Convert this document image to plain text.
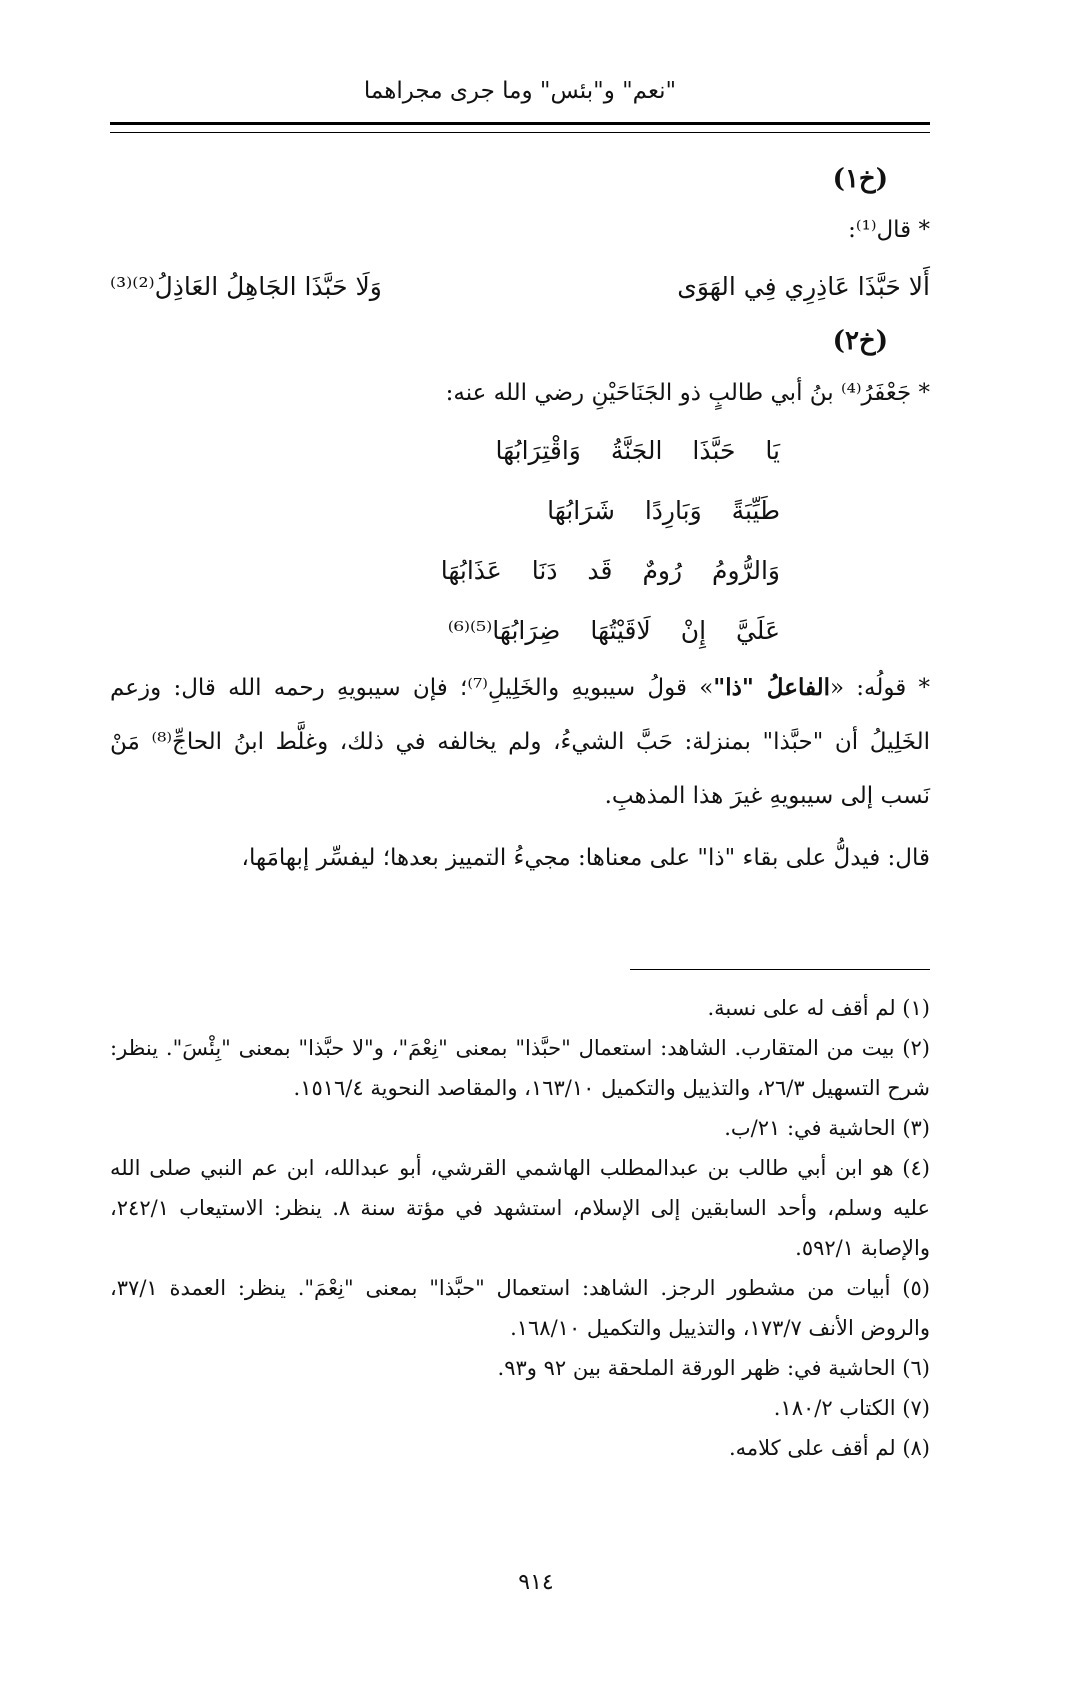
"نعم" و"بئس" وما جرى مجراهما
(خ١)
* قال⁽¹⁾:
أَلا حَبَّذَا عَاذِرِي فِي الهَوَى
وَلَا حَبَّذَا الجَاهِلُ العَاذِلُ⁽²⁾⁽³⁾
(خ٢)
* جَعْفَرُ⁽⁴⁾ بنُ أبي طالبٍ ذو الجَنَاحَيْنِ رضي الله عنه:
يَا حَبَّذَا الجَنَّةُ وَاقْتِرَابُهَا
طَيِّبَةً وَبَارِدًا شَرَابُهَا
وَالرُّومُ رُومٌ قَد دَنَا عَذَابُهَا
عَلَيَّ إِنْ لَاقَيْتُهَا ضِرَابُهَا⁽⁵⁾⁽⁶⁾
* قولُه: «الفاعلُ "ذا"» قولُ سيبويهِ والخَلِيلِ⁽⁷⁾؛ فإن سيبويهِ رحمه الله قال: وزعم الخَلِيلُ أن "حبَّذا" بمنزلة: حَبَّ الشيءُ، ولم يخالفه في ذلك، وغلَّط ابنُ الحاجِّ⁽⁸⁾ مَنْ نَسب إلى سيبويهِ غيرَ هذا المذهبِ.
قال: فيدلُّ على بقاء "ذا" على معناها: مجيءُ التمييز بعدها؛ ليفسِّر إبهامَها،
(١) لم أقف له على نسبة.
(٢) بيت من المتقارب. الشاهد: استعمال "حبَّذا" بمعنى "نِعْمَ"، و"لا حبَّذا" بمعنى "بِئْسَ". ينظر: شرح التسهيل ٢٦/٣، والتذييل والتكميل ١٦٣/١٠، والمقاصد النحوية ١٥١٦/٤.
(٣) الحاشية في: ٢١/ب.
(٤) هو ابن أبي طالب بن عبدالمطلب الهاشمي القرشي، أبو عبدالله، ابن عم النبي صلى الله عليه وسلم، وأحد السابقين إلى الإسلام، استشهد في مؤتة سنة ٨. ينظر: الاستيعاب ٢٤٢/١، والإصابة ٥٩٢/١.
(٥) أبيات من مشطور الرجز. الشاهد: استعمال "حبَّذا" بمعنى "نِعْمَ". ينظر: العمدة ٣٧/١، والروض الأنف ١٧٣/٧، والتذييل والتكميل ١٦٨/١٠.
(٦) الحاشية في: ظهر الورقة الملحقة بين ٩٢ و٩٣.
(٧) الكتاب ١٨٠/٢.
(٨) لم أقف على كلامه.
٩١٤
